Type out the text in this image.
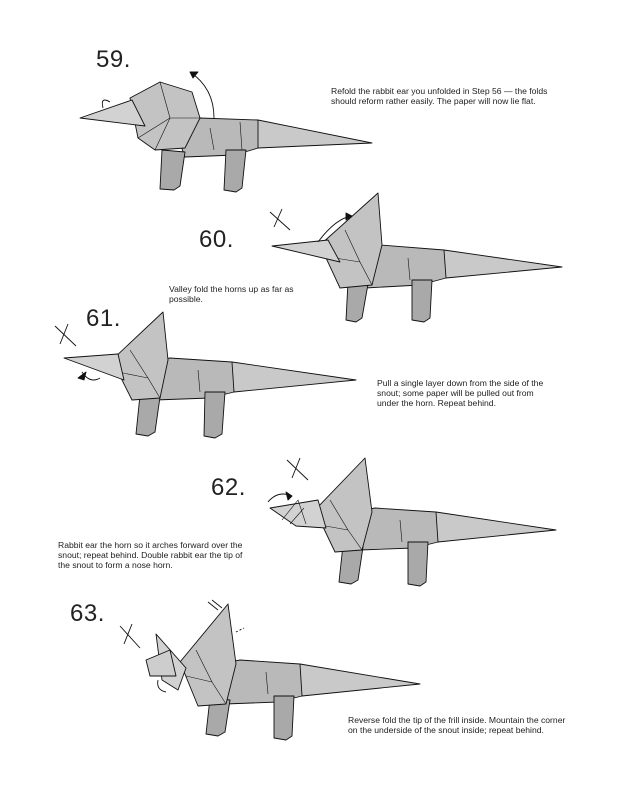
59.
Refold the rabbit ear you unfolded in Step 56 — the folds should reform rather easily. The paper will now lie flat.
60.
Valley fold the horns up as far as possible.
61.
Pull a single layer down from the side of the snout; some paper will be pulled out from under the horn. Repeat behind.
62.
Rabbit ear the horn so it arches forward over the snout; repeat behind. Double rabbit ear the tip of the snout to form a nose horn.
63.
Reverse fold the tip of the frill inside. Mountain the corner on the underside of the snout inside; repeat behind.
